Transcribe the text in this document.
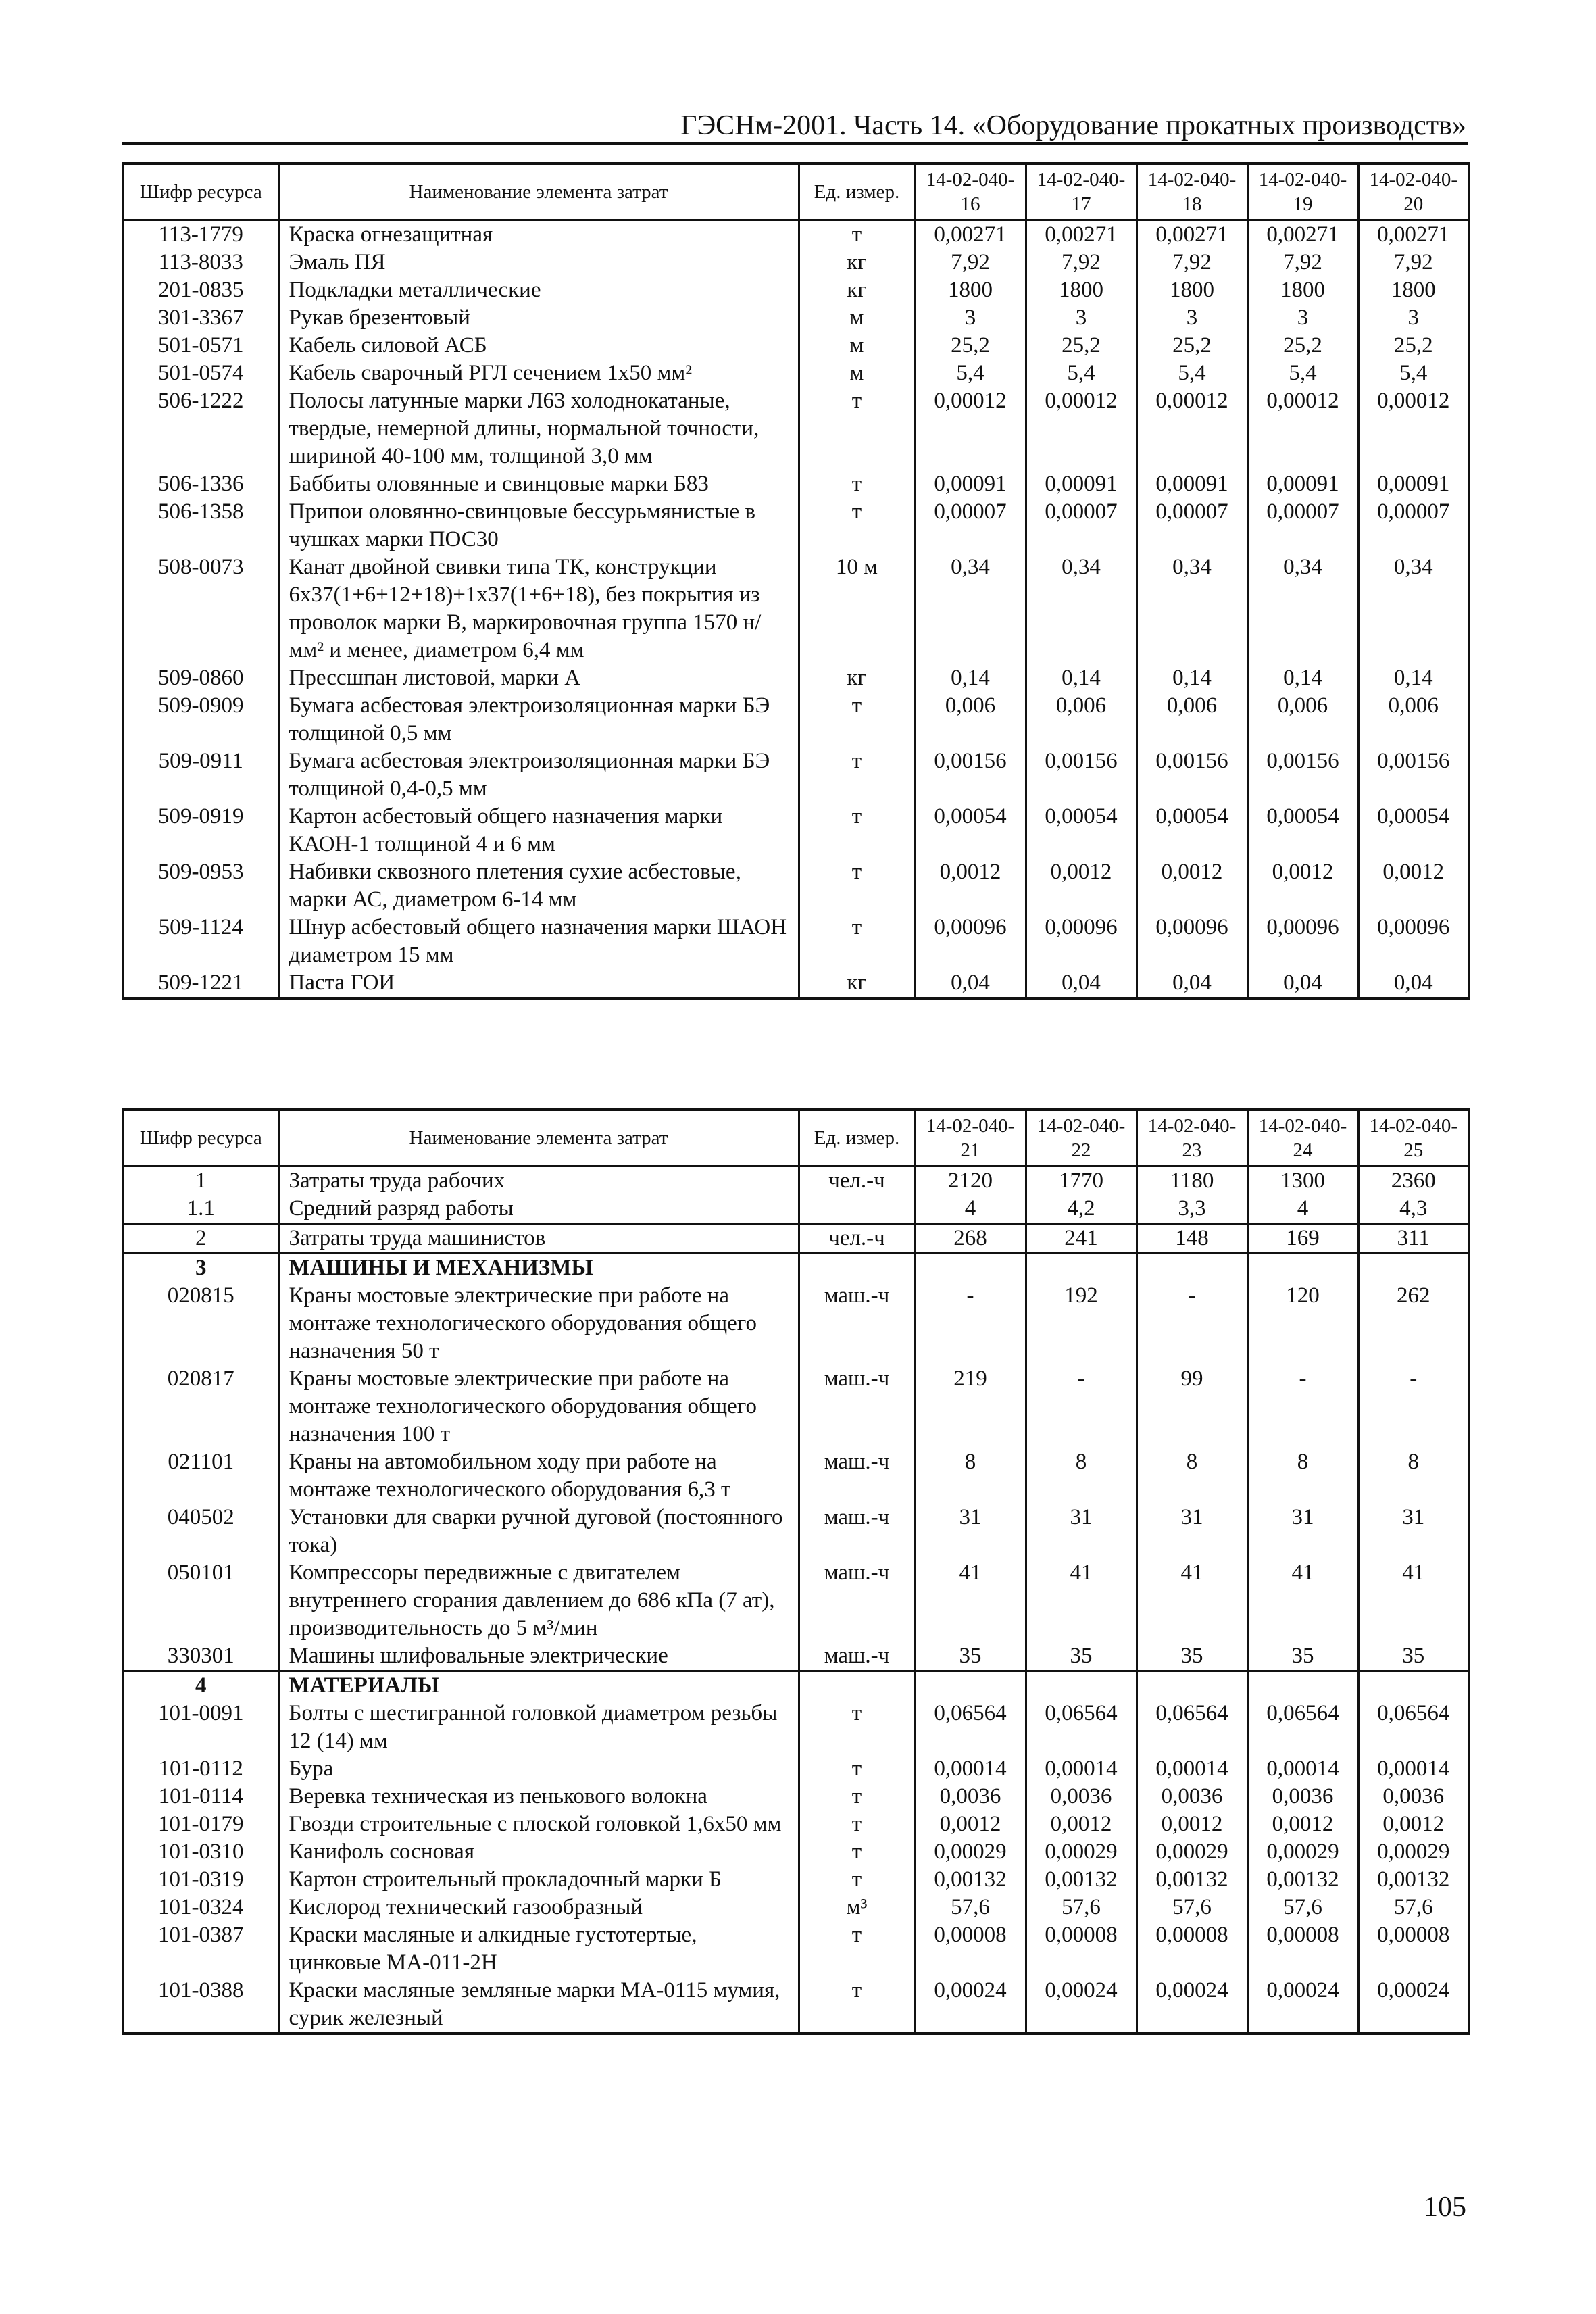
ГЭСНм-2001. Часть 14. «Оборудование прокатных производств»
Шифр ресурса	Наименование элемента затрат	Ед. измер.	14-02-040-16	14-02-040-17	14-02-040-18	14-02-040-19	14-02-040-20
113-1779	Краска огнезащитная	т	0,00271	0,00271	0,00271	0,00271	0,00271
113-8033	Эмаль ПЯ	кг	7,92	7,92	7,92	7,92	7,92
201-0835	Подкладки металлические	кг	1800	1800	1800	1800	1800
301-3367	Рукав брезентовый	м	3	3	3	3	3
501-0571	Кабель силовой АСБ	м	25,2	25,2	25,2	25,2	25,2
501-0574	Кабель сварочный РГЛ сечением 1х50 мм²	м	5,4	5,4	5,4	5,4	5,4
506-1222	Полосы латунные марки Л63 холоднокатаные, твердые, немерной длины, нормальной точности, шириной 40-100 мм, толщиной 3,0 мм	т	0,00012	0,00012	0,00012	0,00012	0,00012
506-1336	Баббиты оловянные и свинцовые марки Б83	т	0,00091	0,00091	0,00091	0,00091	0,00091
506-1358	Припои оловянно-свинцовые бессурьмянистые в чушках марки ПОС30	т	0,00007	0,00007	0,00007	0,00007	0,00007
508-0073	Канат двойной свивки типа ТК, конструкции 6х37(1+6+12+18)+1х37(1+6+18), без покрытия из проволок марки В, маркировочная группа 1570 н/мм² и менее, диаметром 6,4 мм	10 м	0,34	0,34	0,34	0,34	0,34
509-0860	Прессшпан листовой, марки А	кг	0,14	0,14	0,14	0,14	0,14
509-0909	Бумага асбестовая электроизоляционная марки БЭ толщиной 0,5 мм	т	0,006	0,006	0,006	0,006	0,006
509-0911	Бумага асбестовая электроизоляционная марки БЭ толщиной 0,4-0,5 мм	т	0,00156	0,00156	0,00156	0,00156	0,00156
509-0919	Картон асбестовый общего назначения марки КАОН-1 толщиной 4 и 6 мм	т	0,00054	0,00054	0,00054	0,00054	0,00054
509-0953	Набивки сквозного плетения сухие асбестовые, марки АС, диаметром 6-14 мм	т	0,0012	0,0012	0,0012	0,0012	0,0012
509-1124	Шнур асбестовый общего назначения марки ШАОН диаметром 15 мм	т	0,00096	0,00096	0,00096	0,00096	0,00096
509-1221	Паста ГОИ	кг	0,04	0,04	0,04	0,04	0,04
Шифр ресурса	Наименование элемента затрат	Ед. измер.	14-02-040-21	14-02-040-22	14-02-040-23	14-02-040-24	14-02-040-25
1	Затраты труда рабочих	чел.-ч	2120	1770	1180	1300	2360
1.1	Средний разряд работы		4	4,2	3,3	4	4,3
2	Затраты труда машинистов	чел.-ч	268	241	148	169	311
3	МАШИНЫ И МЕХАНИЗМЫ						
020815	Краны мостовые электрические при работе на монтаже технологического оборудования общего назначения 50 т	маш.-ч	-	192	-	120	262
020817	Краны мостовые электрические при работе на монтаже технологического оборудования общего назначения 100 т	маш.-ч	219	-	99	-	-
021101	Краны на автомобильном ходу при работе на монтаже технологического оборудования 6,3 т	маш.-ч	8	8	8	8	8
040502	Установки для сварки ручной дуговой (постоянного тока)	маш.-ч	31	31	31	31	31
050101	Компрессоры передвижные с двигателем внутреннего сгорания давлением до 686 кПа (7 ат), производительность до 5 м³/мин	маш.-ч	41	41	41	41	41
330301	Машины шлифовальные электрические	маш.-ч	35	35	35	35	35
4	МАТЕРИАЛЫ						
101-0091	Болты с шестигранной головкой диаметром резьбы 12 (14) мм	т	0,06564	0,06564	0,06564	0,06564	0,06564
101-0112	Бура	т	0,00014	0,00014	0,00014	0,00014	0,00014
101-0114	Веревка техническая из пенькового волокна	т	0,0036	0,0036	0,0036	0,0036	0,0036
101-0179	Гвозди строительные с плоской головкой 1,6х50 мм	т	0,0012	0,0012	0,0012	0,0012	0,0012
101-0310	Канифоль сосновая	т	0,00029	0,00029	0,00029	0,00029	0,00029
101-0319	Картон строительный прокладочный марки Б	т	0,00132	0,00132	0,00132	0,00132	0,00132
101-0324	Кислород технический газообразный	м³	57,6	57,6	57,6	57,6	57,6
101-0387	Краски масляные и алкидные густотертые, цинковые МА-011-2Н	т	0,00008	0,00008	0,00008	0,00008	0,00008
101-0388	Краски масляные земляные марки МА-0115 мумия, сурик железный	т	0,00024	0,00024	0,00024	0,00024	0,00024
105
